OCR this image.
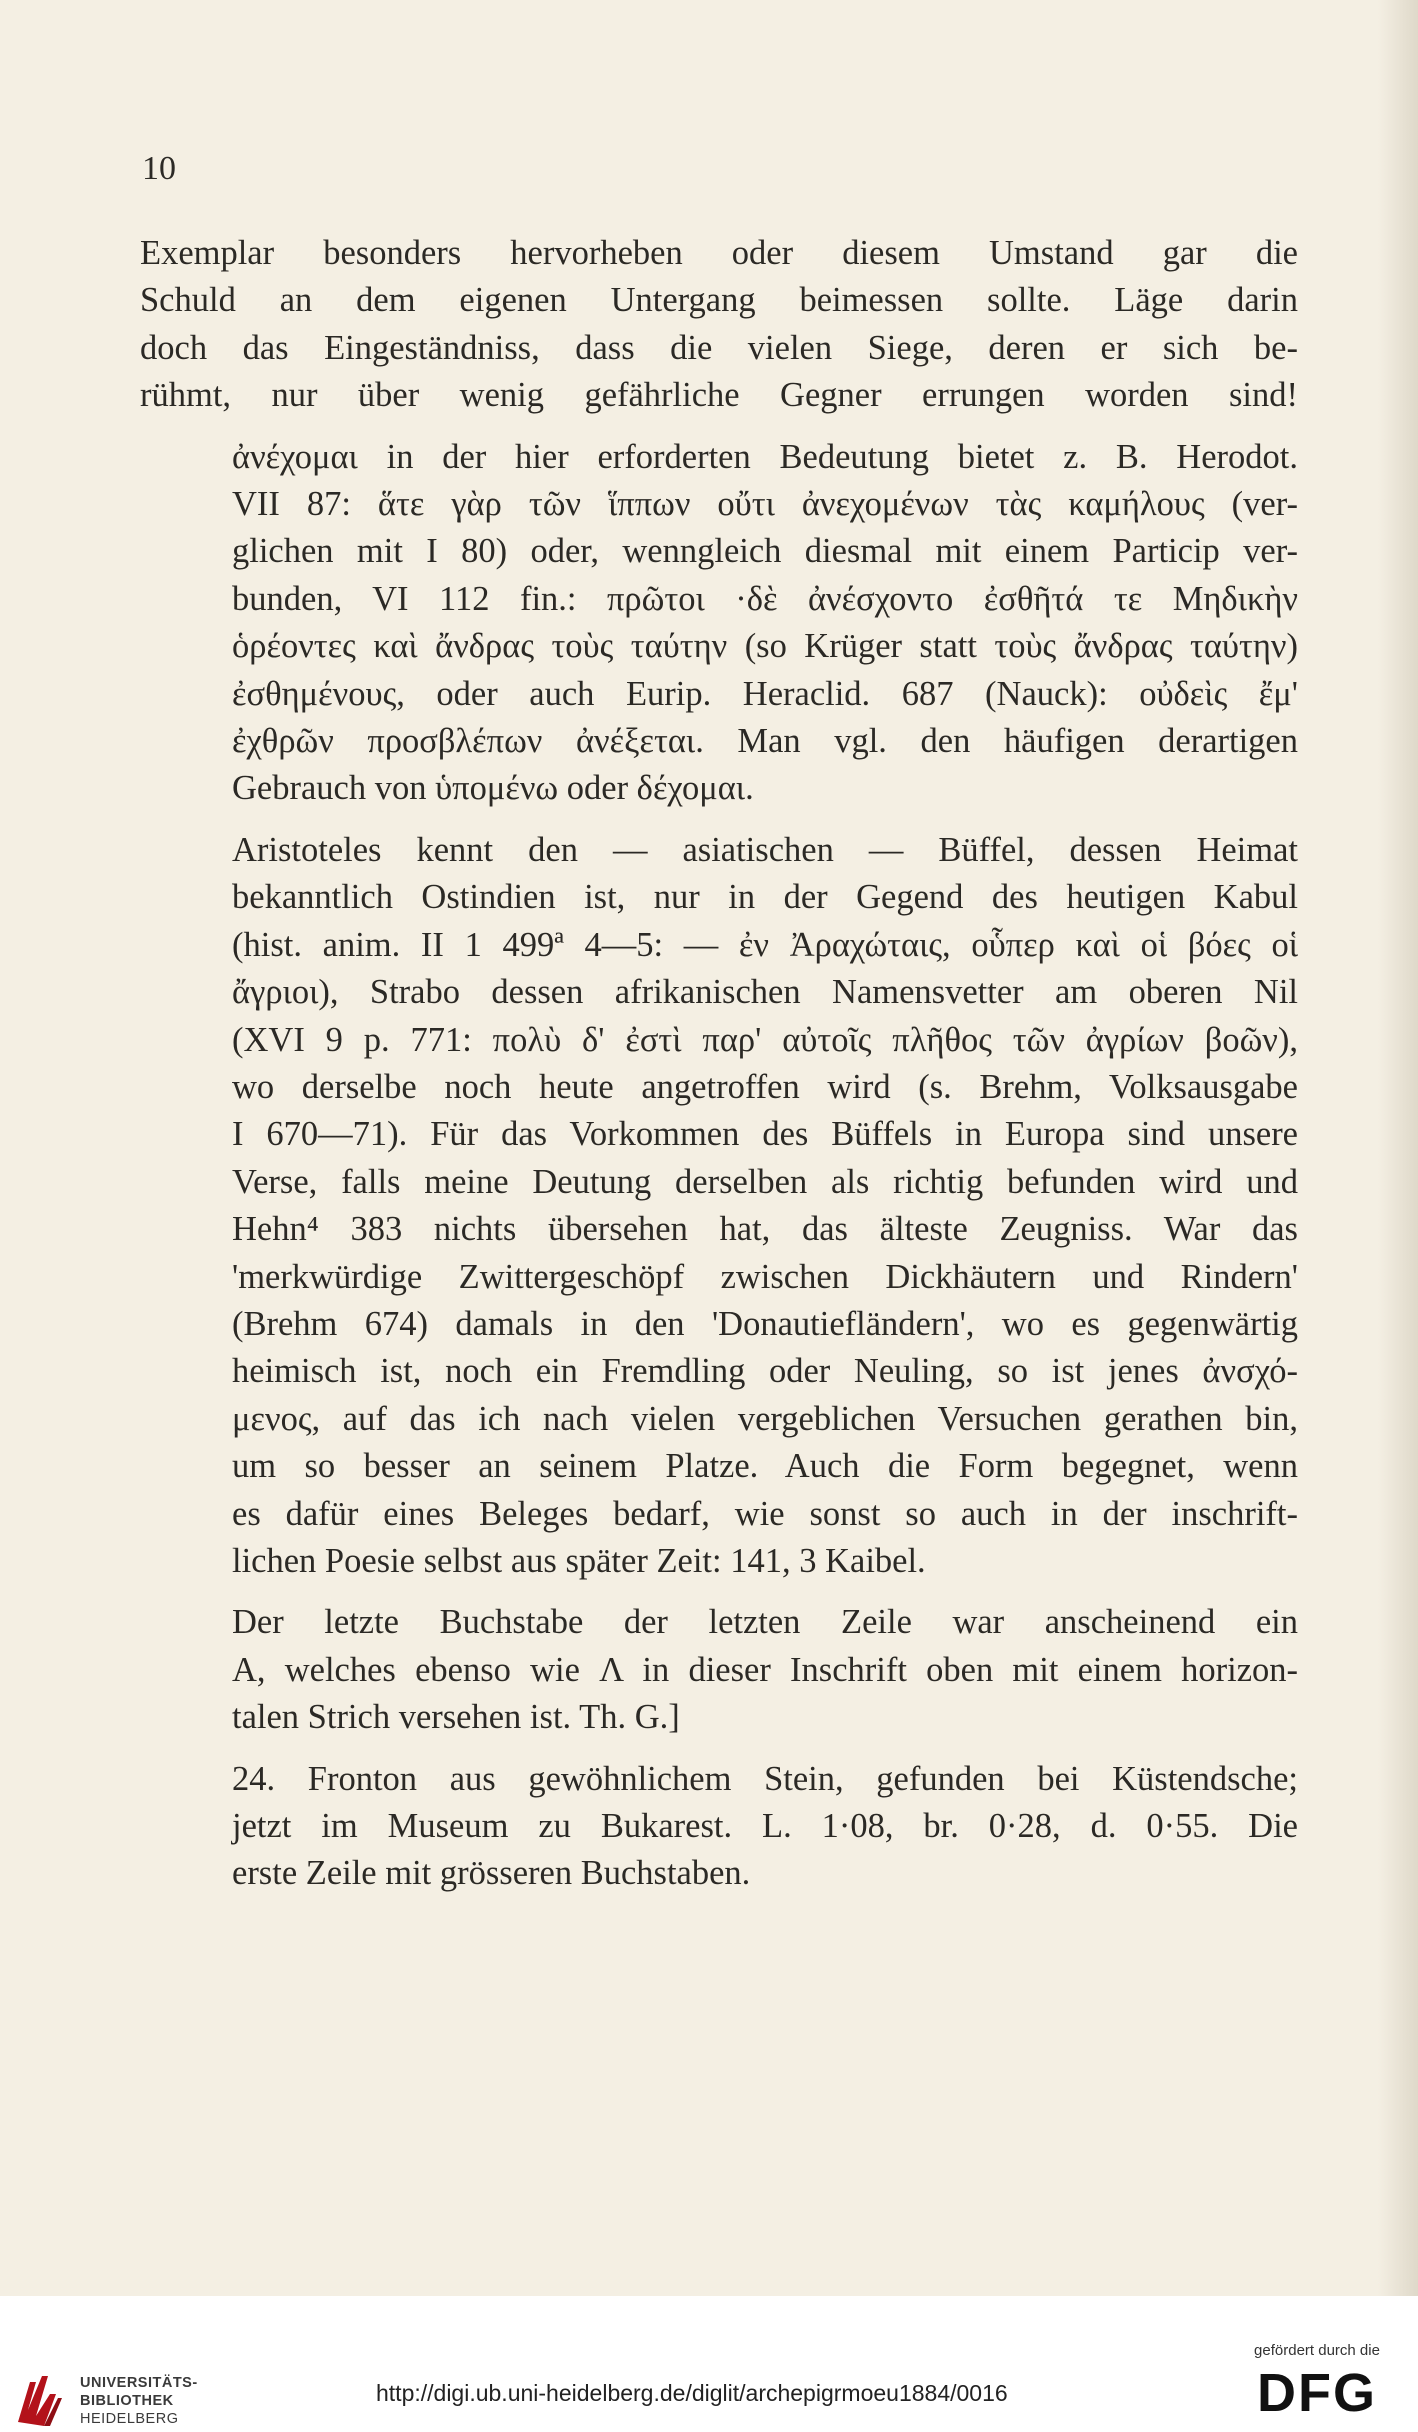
10

Exemplar besonders hervorheben oder diesem Umstand gar die
Schuld an dem eigenen Untergang beimessen sollte. Läge darin
doch das Eingeständniss, dass die vielen Siege, deren er sich be-
rühmt, nur über wenig gefährliche Gegner errungen worden sind!

ἀνέχομαι in der hier erforderten Bedeutung bietet z. B. Herodot.
VII 87: ἅτε γὰρ τῶν ἵππων οὔτι ἀνεχομένων τὰς καμήλους (ver-
glichen mit I 80) oder, wenngleich diesmal mit einem Particip ver-
bunden, VI 112 fin.: πρῶτοι ·δὲ ἀνέσχοντο ἐσθῆτά τε Μηδικὴν
ὁρέοντες καὶ ἄνδρας τοὺς ταύτην (so Krüger statt τοὺς ἄνδρας ταύτην)
ἐσθημένους, oder auch Eurip. Heraclid. 687 (Nauck): οὐδεὶς ἔμ'
ἐχθρῶν προσβλέπων ἀνέξεται. Man vgl. den häufigen derartigen
Gebrauch von ὑπομένω oder δέχομαι.

Aristoteles kennt den — asiatischen — Büffel, dessen Heimat
bekanntlich Ostindien ist, nur in der Gegend des heutigen Kabul
(hist. anim. II 1 499ª 4—5: — ἐν Ἀραχώταις, οὗπερ καὶ οἱ βόες οἱ
ἄγριοι), Strabo dessen afrikanischen Namensvetter am oberen Nil
(XVI 9 p. 771: πολὺ δ' ἐστὶ παρ' αὐτοῖς πλῆθος τῶν ἀγρίων βοῶν),
wo derselbe noch heute angetroffen wird (s. Brehm, Volksausgabe
I 670—71). Für das Vorkommen des Büffels in Europa sind unsere
Verse, falls meine Deutung derselben als richtig befunden wird und
Hehn⁴ 383 nichts übersehen hat, das älteste Zeugniss. War das
'merkwürdige Zwittergeschöpf zwischen Dickhäutern und Rindern'
(Brehm 674) damals in den 'Donautiefländern', wo es gegenwärtig
heimisch ist, noch ein Fremdling oder Neuling, so ist jenes ἀνσχό-
μενος, auf das ich nach vielen vergeblichen Versuchen gerathen bin,
um so besser an seinem Platze. Auch die Form begegnet, wenn
es dafür eines Beleges bedarf, wie sonst so auch in der inschrift-
lichen Poesie selbst aus später Zeit: 141, 3 Kaibel.

Der letzte Buchstabe der letzten Zeile war anscheinend ein
Α, welches ebenso wie Λ in dieser Inschrift oben mit einem horizon-
talen Strich versehen ist. Th. G.]

24. Fronton aus gewöhnlichem Stein, gefunden bei Küstendsche;
jetzt im Museum zu Bukarest. L. 1·08, br. 0·28, d. 0·55. Die
erste Zeile mit grösseren Buchstaben.

UNIVERSITÄTS-
BIBLIOTHEK
HEIDELBERG
http://digi.ub.uni-heidelberg.de/diglit/archepigrmoeu1884/0016
gefördert durch die
DFG
